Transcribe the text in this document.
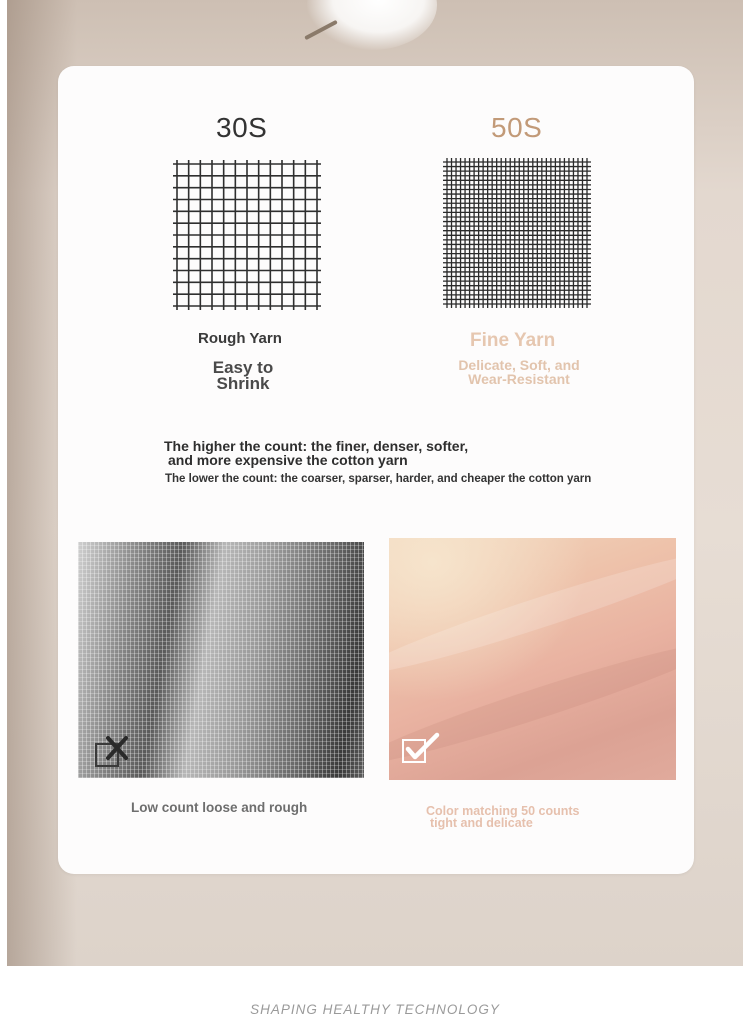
30S	50S
Rough Yarn
Easy to
Shrink
Fine Yarn
Delicate, Soft, and
Wear-Resistant
The higher the count: the finer, denser, softer,
and more expensive the cotton yarn
The lower the count: the coarser, sparser, harder, and cheaper the cotton yarn
Low count loose and rough	Color matching 50 counts
tight and delicate
SHAPING HEALTHY TECHNOLOGY
